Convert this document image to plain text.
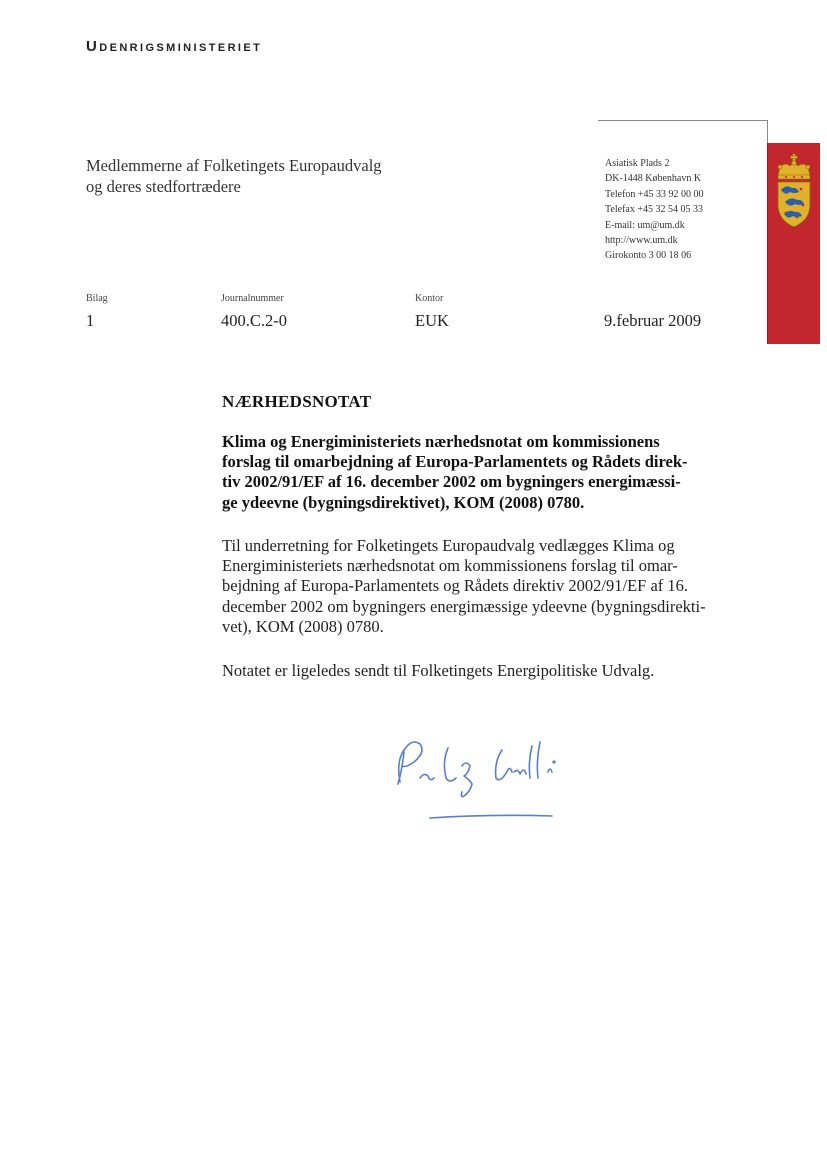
Udenrigsministeriet
Medlemmerne af Folketingets Europaudvalg
og deres stedfortrædere
Asiatisk Plads 2
DK-1448 København K
Telefon +45 33 92 00 00
Telefax +45 32 54 05 33
E-mail: um@um.dk
http://www.um.dk
Girokonto 3 00 18 06
Bilag
1
Journalnummer
400.C.2-0
Kontor
EUK	9.februar 2009
NÆRHEDSNOTAT
Klima og Energiministeriets nærhedsnotat om kommissionens
forslag til omarbejdning af Europa-Parlamentets og Rådets direk-
tiv 2002/91/EF af 16. december 2002 om bygningers energimæssi-
ge ydeevne (bygningsdirektivet), KOM (2008) 0780.
Til underretning for Folketingets Europaudvalg vedlægges Klima og
Energiministeriets nærhedsnotat om kommissionens forslag til omar-
bejdning af Europa-Parlamentets og Rådets direktiv 2002/91/EF af 16.
december 2002 om bygningers energimæssige ydeevne (bygningsdirekti-
vet), KOM (2008) 0780.
Notatet er ligeledes sendt til Folketingets Energipolitiske Udvalg.
